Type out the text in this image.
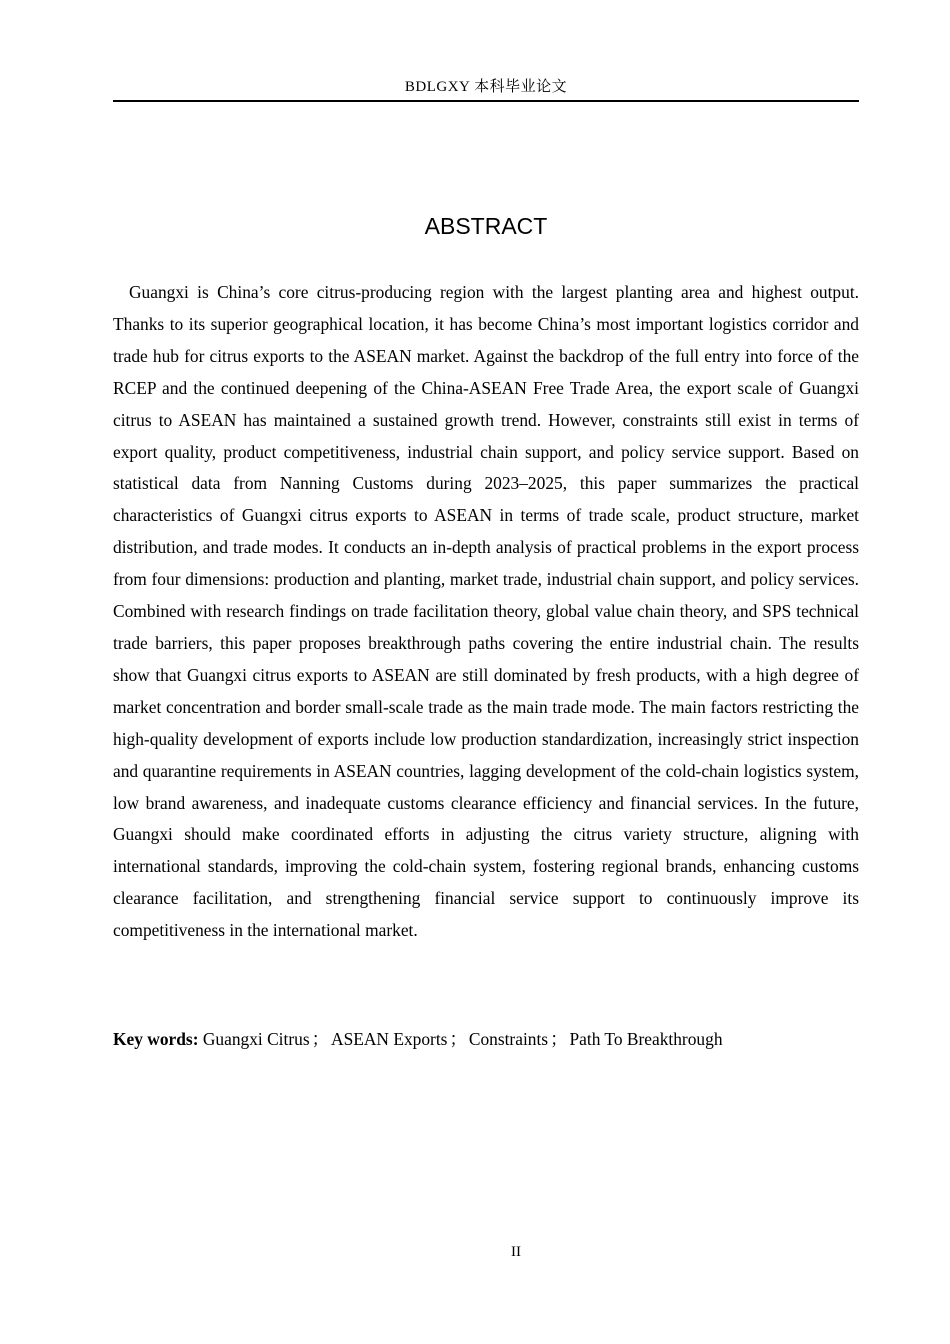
BDLGXY 本科毕业论文
ABSTRACT

Guangxi is China’s core citrus-producing region with the largest planting area and highest output. Thanks to its superior geographical location, it has become China’s most important logistics corridor and trade hub for citrus exports to the ASEAN market. Against the backdrop of the full entry into force of the RCEP and the continued deepening of the China-ASEAN Free Trade Area, the export scale of Guangxi citrus to ASEAN has maintained a sustained growth trend. However, constraints still exist in terms of export quality, product competitiveness, industrial chain support, and policy service support. Based on statistical data from Nanning Customs during 2023–2025, this paper summarizes the practical characteristics of Guangxi citrus exports to ASEAN in terms of trade scale, product structure, market distribution, and trade modes. It conducts an in-depth analysis of practical problems in the export process from four dimensions: production and planting, market trade, industrial chain support, and policy services. Combined with research findings on trade facilitation theory, global value chain theory, and SPS technical trade barriers, this paper proposes breakthrough paths covering the entire industrial chain. The results show that Guangxi citrus exports to ASEAN are still dominated by fresh products, with a high degree of market concentration and border small-scale trade as the main trade mode. The main factors restricting the high-quality development of exports include low production standardization, increasingly strict inspection and quarantine requirements in ASEAN countries, lagging development of the cold-chain logistics system, low brand awareness, and inadequate customs clearance efficiency and financial services. In the future, Guangxi should make coordinated efforts in adjusting the citrus variety structure, aligning with international standards, improving the cold-chain system, fostering regional brands, enhancing customs clearance facilitation, and strengthening financial service support to continuously improve its competitiveness in the international market.

Key words: Guangxi Citrus ； ASEAN Exports ； Constraints ； Path To Breakthrough

II
